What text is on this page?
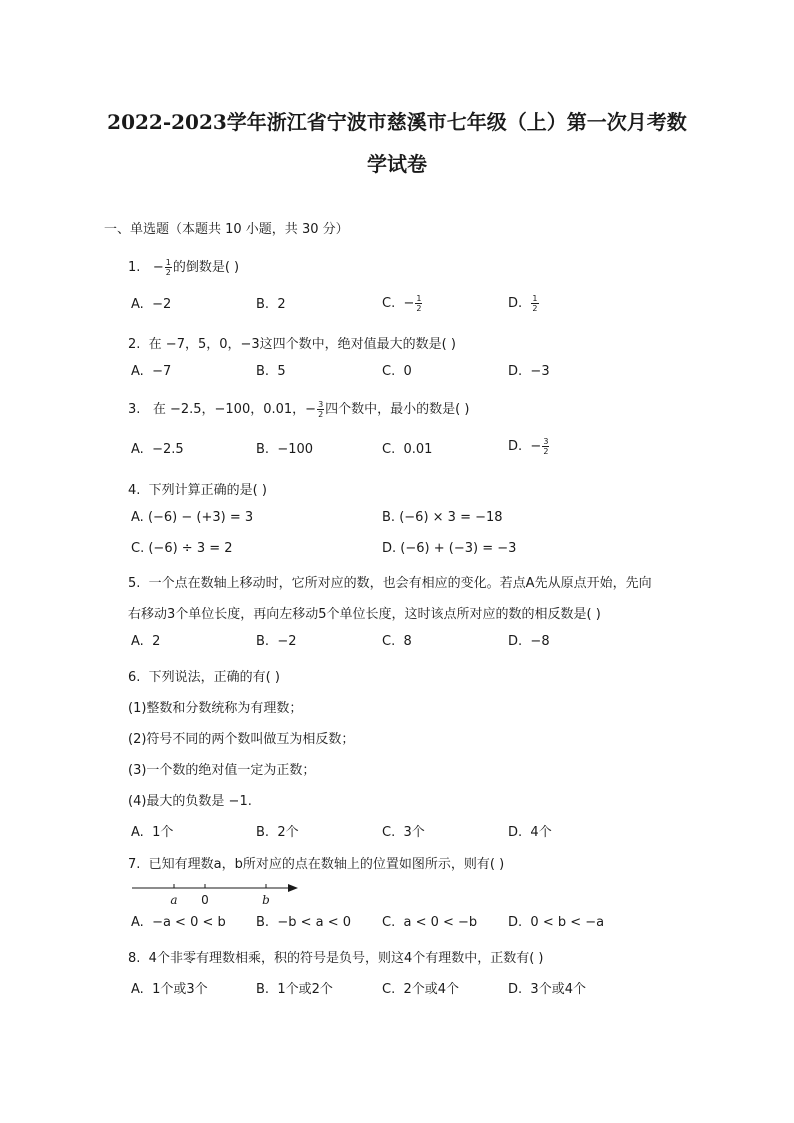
2022-2023学年浙江省宁波市慈溪市七年级（上）第一次月考数
学试卷
一、单选题（本题共 10 小题，共 30 分）
1. − $\frac{1}{2}$ 的倒数是( )
A. −2	B. 2	C. − $\frac{1}{2}$	D. $\frac{1}{2}$
2. 在 −7，5，0，−3这四个数中，绝对值最大的数是( )
A. −7	B. 5	C. 0	D. −3
3. 在 −2.5，−100，0.01，− $\frac{3}{2}$ 四个数中，最小的数是( )
A. −2.5	B. −100	C. 0.01	D. − $\frac{3}{2}$
4. 下列计算正确的是( )
A. (−6) − (+3) = 3	B. (−6) × 3 = −18
C. (−6) ÷ 3 = 2	D. (−6) + (−3) = −3
5. 一个点在数轴上移动时，它所对应的数，也会有相应的变化。若点A先从原点开始，先向
右移动3个单位长度，再向左移动5个单位长度，这时该点所对应的数的相反数是( )
A. 2	B. −2	C. 8	D. −8
6. 下列说法，正确的有( )
(1)整数和分数统称为有理数；
(2)符号不同的两个数叫做互为相反数；
(3)一个数的绝对值一定为正数；
(4)最大的负数是 −1.
A. 1个	B. 2个	C. 3个	D. 4个
7. 已知有理数a，b所对应的点在数轴上的位置如图所示，则有( )
a 0	b
A. −a < 0 < b B. −b < a < 0 C. a < 0 < −b D. 0 < b < −a
8. 4个非零有理数相乘，积的符号是负号，则这4个有理数中，正数有( )
A. 1个或3个	B. 1个或2个	C. 2个或4个	D. 3个或4个
